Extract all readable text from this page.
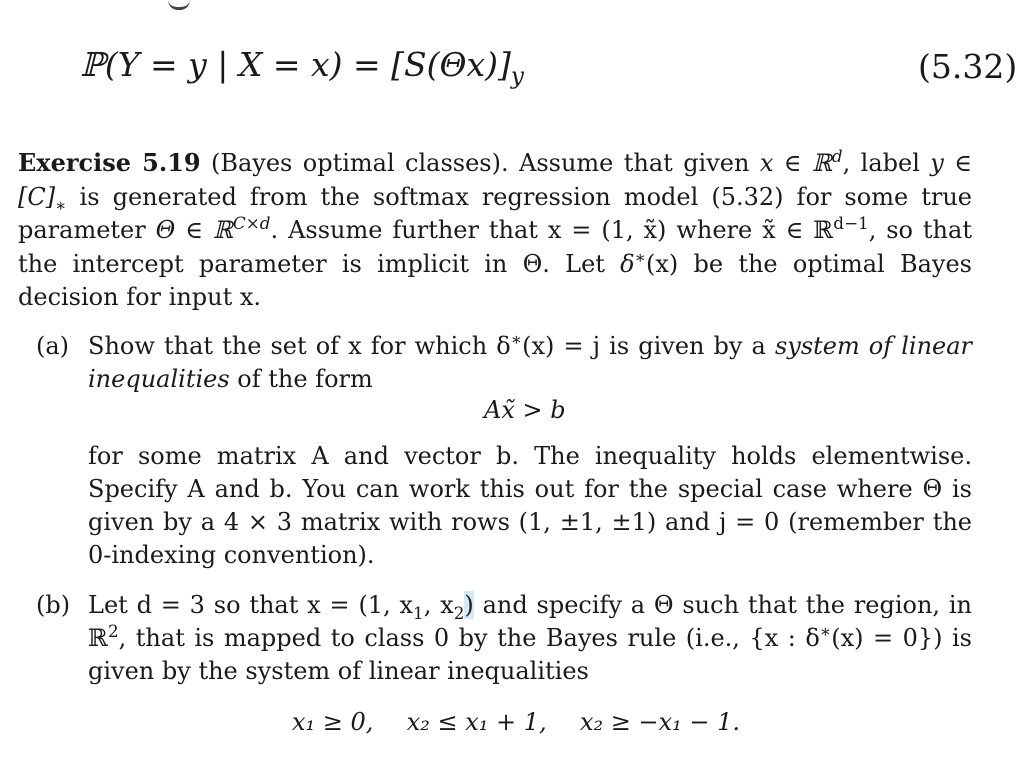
ℙ(Y = y | $X = x) = [S(\Theta x)]_y$	(5.32)

Exercise 5.19 (Bayes optimal classes). Assume that given x ∈ ℝ$^d$, label y ∈ $[C]_∗$ is generated from the softmax regression model (5.32) for some true parameter Θ ∈ ℝ$^{C\times d}$. Assume further that x = (1, x̃) where x̃ ∈ ℝ$^{d-1}$, so that the intercept parameter is implicit in Θ. Let δ∗(x) be the optimal Bayes decision for input x.

(a) Show that the set of x for which δ∗(x) = j is given by a system of linear inequalities of the form
Ax̃ > b
for some matrix A and vector b. The inequality holds elementwise. Specify A and b. You can work this out for the special case where Θ is given by a 4 × 3 matrix with rows (1, ±1, ±1) and j = 0 (remember the 0-indexing convention).
(b) Let d = 3 so that x = (1, $x_1$, $x_2$) and specify a Θ such that the region, in ℝ$^2$, that is mapped to class 0 by the Bayes rule (i.e., {x : δ∗(x) = 0}) is given by the system of linear inequalities
x₁ ≥ 0, x₂ ≤ x₁ + 1, x₂ ≥ −x₁ − 1.
